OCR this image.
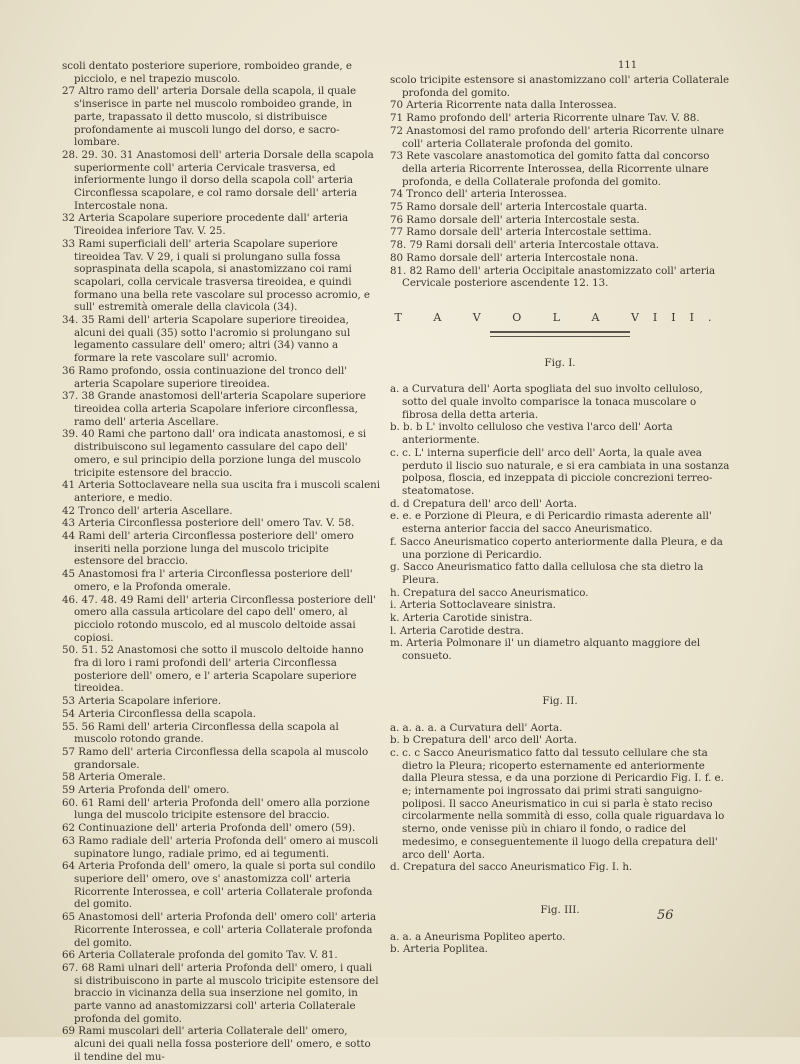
111

scoli dentato posteriore superiore, romboideo grande, e picciolo, e nel trapezio muscolo.

27 Altro ramo dell' arteria Dorsale della scapola, il quale s'inserisce in parte nel muscolo romboideo grande, in parte, trapassato il detto muscolo, si distribuisce profondamente ai muscoli lungo del dorso, e sacro-lombare.

28. 29. 30. 31 Anastomosi dell' arteria Dorsale della scapola superiormente coll' arteria Cervicale trasversa, ed inferiormente lungo il dorso della scapola coll' arteria Circonflessa scapolare, e col ramo dorsale dell' arteria Intercostale nona.

32 Arteria Scapolare superiore procedente dall' arteria Tireoidea inferiore Tav. V. 25.

33 Rami superficiali dell' arteria Scapolare superiore tireoidea Tav. V 29, i quali si prolungano sulla fossa sopraspinata della scapola, si anastomizzano coi rami scapolari, colla cervicale trasversa tireoidea, e quindi formano una bella rete vascolare sul processo acromio, e sull' estremità omerale della clavicola (34).

34. 35 Rami dell' arteria Scapolare superiore tireoidea, alcuni dei quali (35) sotto l'acromio si prolungano sul legamento cassulare dell' omero; altri (34) vanno a formare la rete vascolare sull' acromio.

36 Ramo profondo, ossia continuazione del tronco dell' arteria Scapolare superiore tireoidea.

37. 38 Grande anastomosi dell'arteria Scapolare superiore tireoidea colla arteria Scapolare inferiore circonflessa, ramo dell' arteria Ascellare.

39. 40 Rami che partono dall' ora indicata anastomosi, e si distribuiscono sul legamento cassulare del capo dell' omero, e sul principio della porzione lunga del muscolo tricipite estensore del braccio.

41 Arteria Sottoclaveare nella sua uscita fra i muscoli scaleni anteriore, e medio.

42 Tronco dell' arteria Ascellare.

43 Arteria Circonflessa posteriore dell' omero Tav. V. 58.

44 Rami dell' arteria Circonflessa posteriore dell' omero inseriti nella porzione lunga del muscolo tricipite estensore del braccio.

45 Anastomosi fra l' arteria Circonflessa posteriore dell' omero, e la Profonda omerale.

46. 47. 48. 49 Rami dell' arteria Circonflessa posteriore dell' omero alla cassula articolare del capo dell' omero, al picciolo rotondo muscolo, ed al muscolo deltoide assai copiosi.

50. 51. 52 Anastomosi che sotto il muscolo deltoide hanno fra di loro i rami profondi dell' arteria Circonflessa posteriore dell' omero, e l' arteria Scapolare superiore tireoidea.

53 Arteria Scapolare inferiore.

54 Arteria Circonflessa della scapola.

55. 56 Rami dell' arteria Circonflessa della scapola al muscolo rotondo grande.

57 Ramo dell' arteria Circonflessa della scapola al muscolo grandorsale.

58 Arteria Omerale.

59 Arteria Profonda dell' omero.

60. 61 Rami dell' arteria Profonda dell' omero alla porzione lunga del muscolo tricipite estensore del braccio.

62 Continuazione dell' arteria Profonda dell' omero (59).

63 Ramo radiale dell' arteria Profonda dell' omero ai muscoli supinatore lungo, radiale primo, ed ai tegumenti.

64 Arteria Profonda dell' omero, la quale si porta sul condilo superiore dell' omero, ove s' anastomizza coll' arteria Ricorrente Interossea, e coll' arteria Collaterale profonda del gomito.

65 Anastomosi dell' arteria Profonda dell' omero coll' arteria Ricorrente Interossea, e coll' arteria Collaterale profonda del gomito.

66 Arteria Collaterale profonda del gomito Tav. V. 81.

67. 68 Rami ulnari dell' arteria Profonda dell' omero, i quali si distribuiscono in parte al muscolo tricipite estensore del braccio in vicinanza della sua inserzione nel gomito, in parte vanno ad anastomizzarsi coll' arteria Collaterale profonda del gomito.

69 Rami muscolari dell' arteria Collaterale dell' omero, alcuni dei quali nella fossa posteriore dell' omero, e sotto il tendine del mu-

scolo tricipite estensore si anastomizzano coll' arteria Collaterale profonda del gomito.

70 Arteria Ricorrente nata dalla Interossea.

71 Ramo profondo dell' arteria Ricorrente ulnare Tav. V. 88.

72 Anastomosi del ramo profondo dell' arteria Ricorrente ulnare coll' arteria Collaterale profonda del gomito.

73 Rete vascolare anastomotica del gomito fatta dal concorso della arteria Ricorrente Interossea, della Ricorrente ulnare profonda, e della Collaterale profonda del gomito.

74 Tronco dell' arteria Interossea.

75 Ramo dorsale dell' arteria Intercostale quarta.

76 Ramo dorsale dell' arteria Intercostale sesta.

77 Ramo dorsale dell' arteria Intercostale settima.

78. 79 Rami dorsali dell' arteria Intercostale ottava.

80 Ramo dorsale dell' arteria Intercostale nona.

81. 82 Ramo dell' arteria Occipitale anastomizzato coll' arteria Cervicale posteriore ascendente 12. 13.

T A V O L A VIII.
Fig. I.

a. a Curvatura dell' Aorta spogliata del suo involto celluloso, sotto del quale involto comparisce la tonaca muscolare o fibrosa della detta arteria.

b. b. b L' involto celluloso che vestiva l'arco dell' Aorta anteriormente.

c. c. L' interna superficie dell' arco dell' Aorta, la quale avea perduto il liscio suo naturale, e si era cambiata in una sostanza polposa, floscia, ed inzeppata di picciole concrezioni terreo-steatomatose.

d. d Crepatura dell' arco dell' Aorta.

e. e. e Porzione di Pleura, e di Pericardio rimasta aderente all' esterna anterior faccia del sacco Aneurismatico.

f. Sacco Aneurismatico coperto anteriormente dalla Pleura, e da una porzione di Pericardio.

g. Sacco Aneurismatico fatto dalla cellulosa che sta dietro la Pleura.

h. Crepatura del sacco Aneurismatico.

i. Arteria Sottoclaveare sinistra.

k. Arteria Carotide sinistra.

l. Arteria Carotide destra.

m. Arteria Polmonare il' un diametro alquanto maggiore del consueto.

Fig. II.

a. a. a. a. a Curvatura dell' Aorta.

b. b Crepatura dell' arco dell' Aorta.

c. c. c Sacco Aneurismatico fatto dal tessuto cellulare che sta dietro la Pleura; ricoperto esternamente ed anteriormente dalla Pleura stessa, e da una porzione di Pericardio Fig. I. f. e. e; internamente poi ingrossato dai primi strati sanguigno-poliposi. Il sacco Aneurismatico in cui si parla è stato reciso circolarmente nella sommità di esso, colla quale riguardava lo sterno, onde venisse più in chiaro il fondo, o radice del medesimo, e conseguentemente il luogo della crepatura dell' arco dell' Aorta.

d. Crepatura del sacco Aneurismatico Fig. I. h.

Fig. III.

a. a. a Aneurisma Popliteo aperto.

b. Arteria Poplitea.

56
